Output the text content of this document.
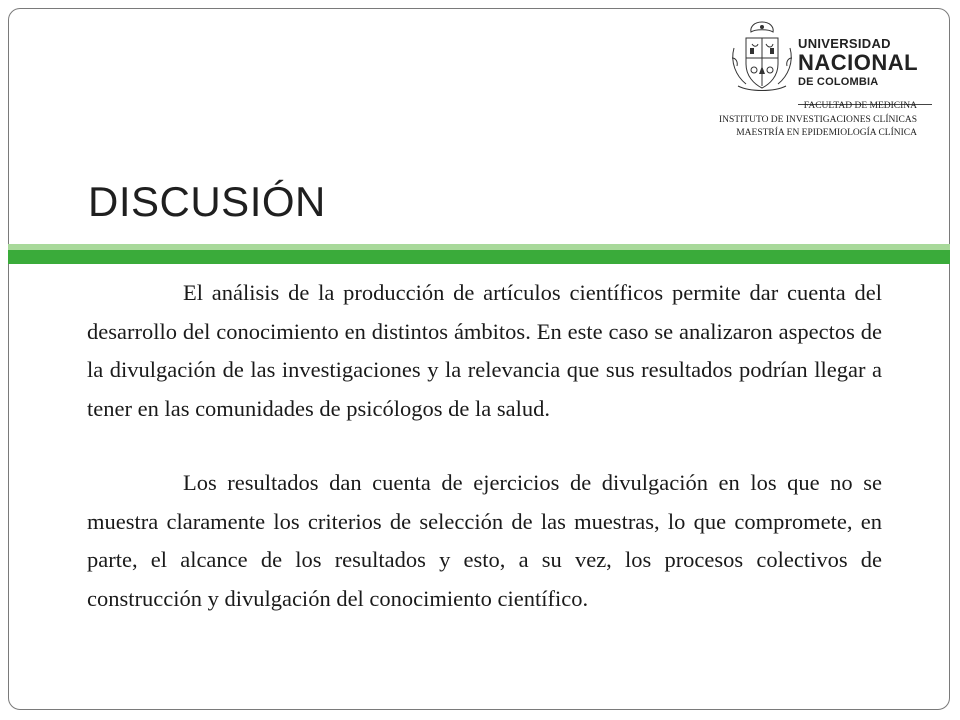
UNIVERSIDAD
NACIONAL
DE COLOMBIA
FACULTAD DE MEDICINA
INSTITUTO DE INVESTIGACIONES CLÍNICAS
MAESTRÍA EN EPIDEMIOLOGÍA CLÍNICA
DISCUSIÓN

El análisis de la producción de artículos científicos permite dar cuenta del desarrollo del conocimiento en distintos ámbitos. En este caso se analizaron aspectos de la divulgación de las investigaciones y la relevancia que sus resultados podrían llegar a tener en las comunidades de psicólogos de la salud.

Los resultados dan cuenta de ejercicios de divulgación en los que no se muestra claramente los criterios de selección de las muestras, lo que compromete, en parte, el alcance de los resultados y esto, a su vez, los procesos colectivos de construcción y divulgación del conocimiento científico.
